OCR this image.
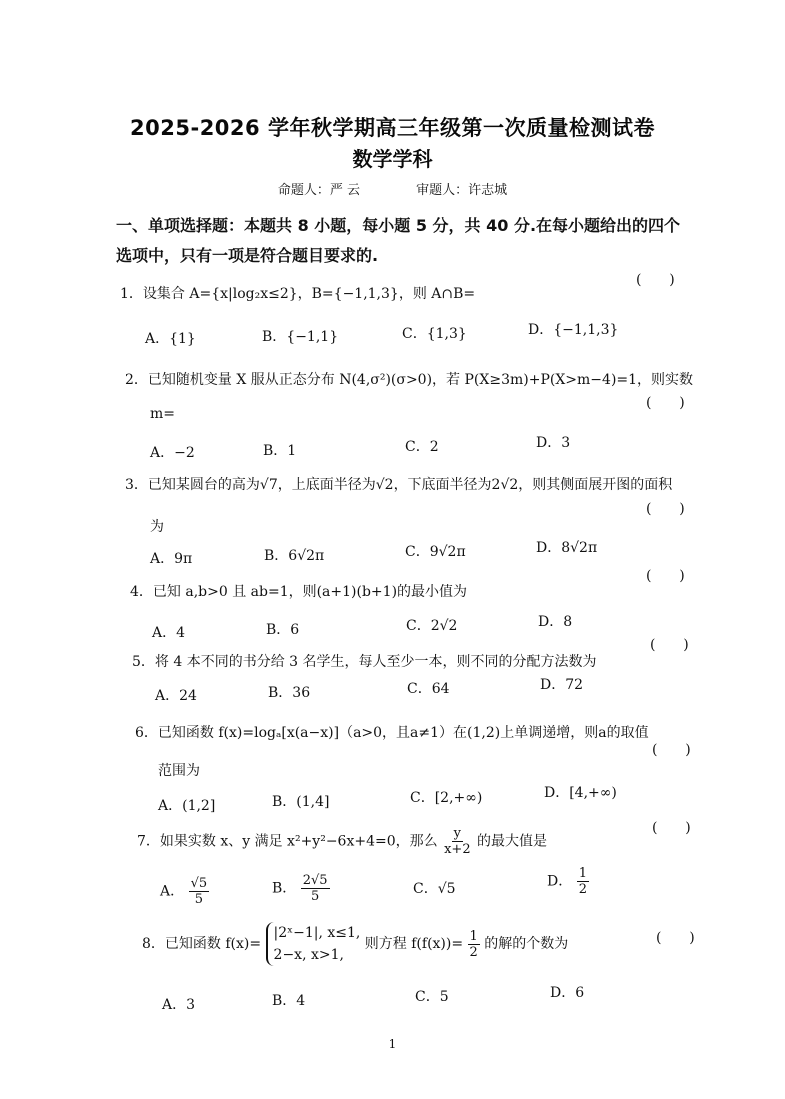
2025-2026 学年秋学期高三年级第一次质量检测试卷
数学学科
命题人：严 云	审题人：许志城
一、单项选择题：本题共 8 小题，每小题 5 分，共 40 分.在每小题给出的四个选项中，只有一项是符合题目要求的.
1．设集合 A={x|log₂x≤2}，B={−1,1,3}，则 A∩B=
(    )
A．{1}	B．{−1,1}	C．{1,3}	D．{−1,1,3}
2．已知随机变量 X 服从正态分布 N(4,σ²)(σ>0)，若 P(X≥3m)+P(X>m−4)=1，则实数
m=
(    )
A．−2	B．1	C．2	D．3
3．已知某圆台的高为√7，上底面半径为√2，下底面半径为2√2，则其侧面展开图的面积
为
(    )
A．9π	B．6√2π	C．9√2π	D．8√2π
4．已知 a,b>0 且 ab=1，则(a+1)(b+1)的最小值为
(    )
A．4	B．6	C．2√2	D．8
5．将 4 本不同的书分给 3 名学生，每人至少一本，则不同的分配方法数为
(    )
A．24	B．36	C．64	D．72
6．已知函数 f(x)=logₐ[x(a−x)]（a>0，且a≠1）在(1,2)上单调递增，则a的取值
范围为
(    )
A．(1,2]	B．(1,4]	C．[2,+∞)	D．[4,+∞)
7．如果实数 x、y 满足 x²+y²−6x+4=0，那么 $\frac{y}{x+2}$ 的最大值是
(    )
A． $\frac{√5}{5}$	B． $\frac{2√5}{5}$	C．√5	D． $\frac{1}{2}$
8．已知函数 f(x)=
|2ˣ−1|, x≤1,
2−x, x>1,
则方程 $f(f(x))= \frac{1}{2}$ 的解的个数为	(    )
A．3	B．4	C．5	D．6
1
